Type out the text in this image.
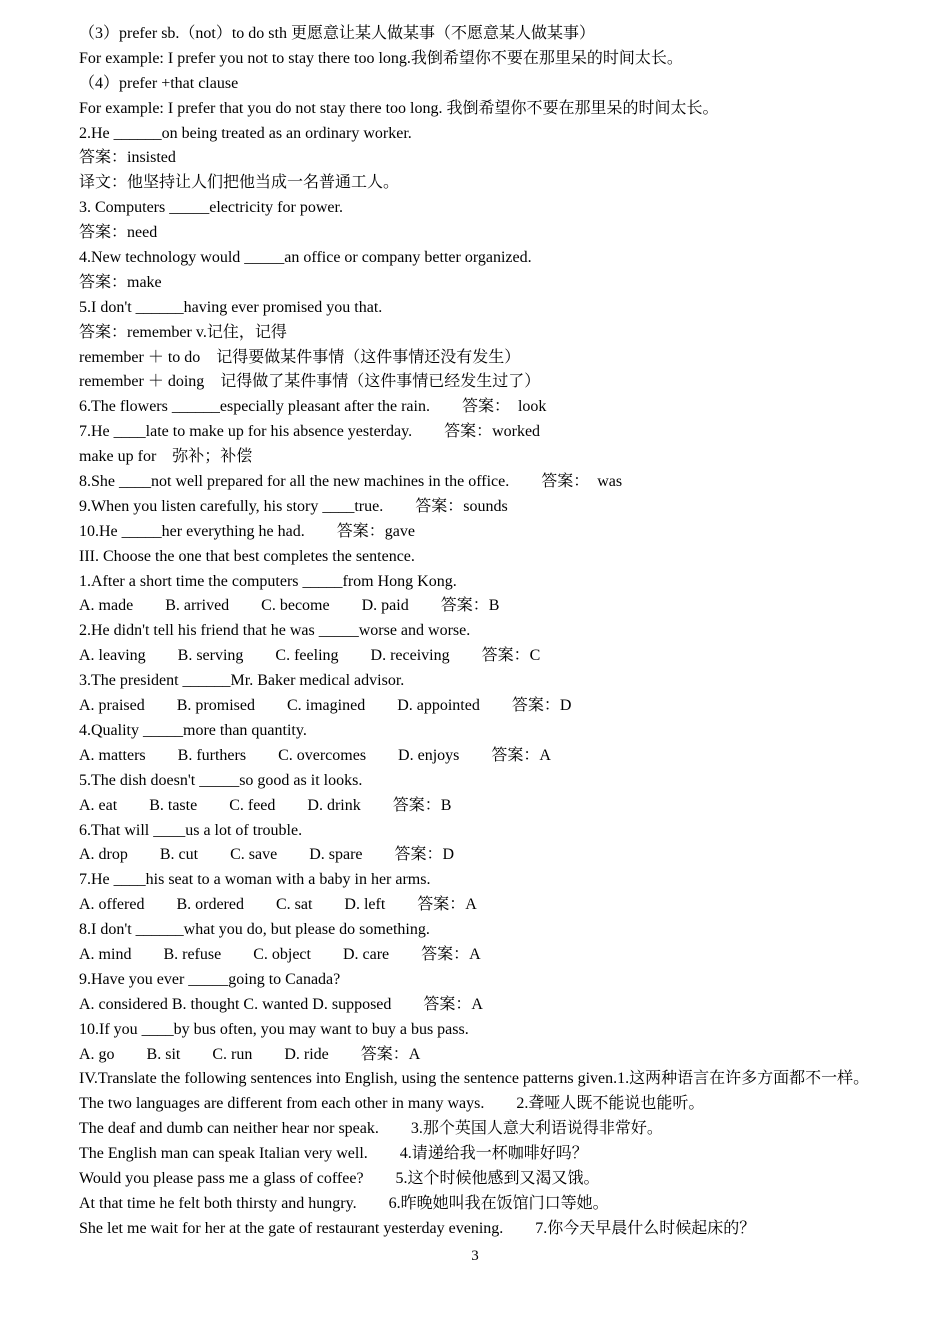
（3）prefer sb.（not）to do sth 更愿意让某人做某事（不愿意某人做某事）
For example: I prefer you not to stay there too long.我倒希望你不要在那里呆的时间太长。
（4）prefer +that clause
For example: I prefer that you do not stay there too long. 我倒希望你不要在那里呆的时间太长。
2.He ______on being treated as an ordinary worker.
答案：insisted
译文：他坚持让人们把他当成一名普通工人。
3. Computers _____electricity for power.
答案：need
4.New technology would _____an office or company better organized.
答案：make
5.I don't ______having ever promised you that.
答案：remember v.记住，记得
remember ＋ to do    记得要做某件事情（这件事情还没有发生）
remember ＋ doing    记得做了某件事情（这件事情已经发生过了）
6.The flowers ______especially pleasant after the rain.        答案：  look
7.He ____late to make up for his absence yesterday.        答案：worked
make up for    弥补；补偿
8.She ____not well prepared for all the new machines in the office.        答案：  was
9.When you listen carefully, his story ____true.        答案：sounds
10.He _____her everything he had.        答案：gave
III. Choose the one that best completes the sentence.
1.After a short time the computers _____from Hong Kong.
A. made        B. arrived        C. become        D. paid        答案：B
2.He didn't tell his friend that he was _____worse and worse.
A. leaving        B. serving        C. feeling        D. receiving        答案：C
3.The president ______Mr. Baker medical advisor.
A. praised        B. promised        C. imagined        D. appointed        答案：D
4.Quality _____more than quantity.
A. matters        B. furthers        C. overcomes        D. enjoys        答案：A
5.The dish doesn't _____so good as it looks.
A. eat        B. taste        C. feed        D. drink        答案：B
6.That will ____us a lot of trouble.
A. drop        B. cut        C. save        D. spare        答案：D
7.He ____his seat to a woman with a baby in her arms.
A. offered        B. ordered        C. sat        D. left        答案：A
8.I don't ______what you do, but please do something.
A. mind        B. refuse        C. object        D. care        答案：A
9.Have you ever _____going to Canada?
A. considered B. thought C. wanted D. supposed        答案：A
10.If you ____by bus often, you may want to buy a bus pass.
A. go        B. sit        C. run        D. ride        答案：A
IV.Translate the following sentences into English, using the sentence patterns given.1.这两种语言在许多方面都不一样。
The two languages are different from each other in many ways.        2.聋哑人既不能说也能听。
The deaf and dumb can neither hear nor speak.        3.那个英国人意大利语说得非常好。
The English man can speak Italian very well.        4.请递给我一杯咖啡好吗？
Would you please pass me a glass of coffee?        5.这个时候他感到又渴又饿。
At that time he felt both thirsty and hungry.        6.昨晚她叫我在饭馆门口等她。
She let me wait for her at the gate of restaurant yesterday evening.        7.你今天早晨什么时候起床的？
3
